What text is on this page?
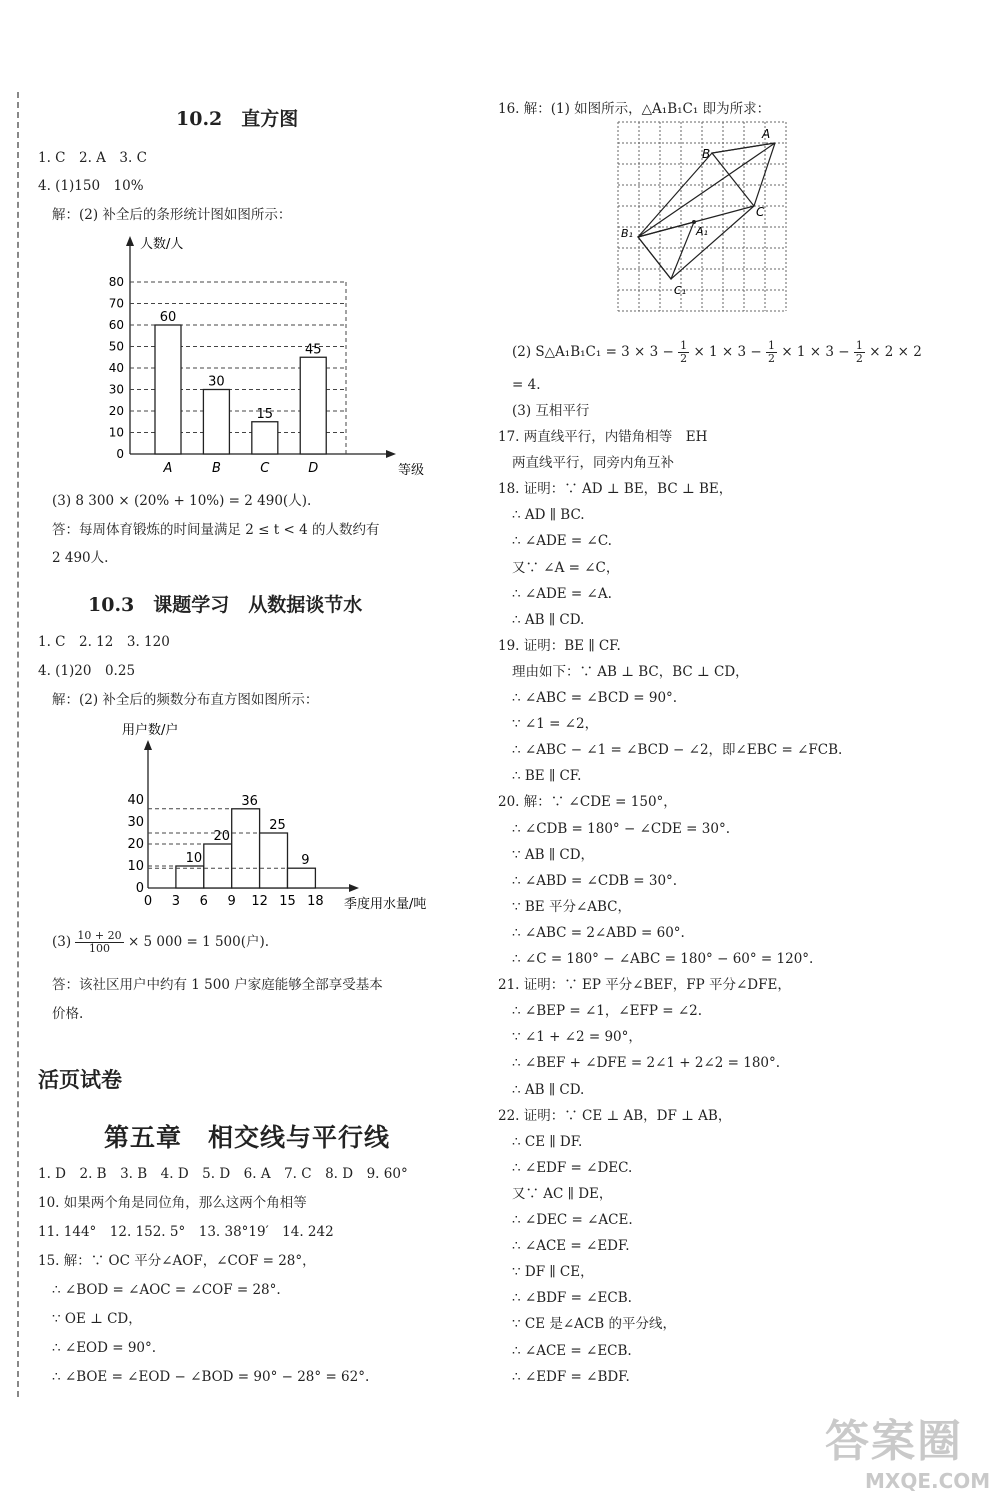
10.2　直方图
1. C　2. A　3. C
4. (1)150　10%
解：(2) 补全后的条形统计图如图所示：
人数/人
等级
0
10
20
30
40
50
60
70
80
60
A
30
B
15
C
45
D
(3) 8 300 × (20% + 10%) = 2 490(人).
答：每周体育锻炼的时间量满足 2 ≤ t < 4 的人数约有
2 490人.
10.3　课题学习　从数据谈节水
1. C　2. 12　3. 120
4. (1)20　0.25
解：(2) 补全后的频数分布直方图如图所示：
用户数/户
季度用水量/吨
0
10
20
30
40
0 3 6 9 12 15 18
10
20
36
25
9
$(3) \frac{10 + 20}{100} \times 5$ 000 = 1 500(户).
答：该社区用户中约有 1 500 户家庭能够全部享受基本
价格.
活页试卷
第五章　相交线与平行线
1. D　2. B　3. B　4. D　5. D　6. A　7. C　8. D　9. 60°
10. 如果两个角是同位角，那么这两个角相等
11. 144°　12. 152. 5°　13. 38°19′　14. 242
15. 解：∵ OC 平分∠AOF，∠COF = 28°，
∴ ∠BOD = ∠AOC = ∠COF = 28°.
∵ OE ⊥ CD，
∴ ∠EOD = 90°.
∴ ∠BOE = ∠EOD − ∠BOD = 90° − 28° = 62°.
16. 解：(1) 如图所示，△A₁B₁C₁ 即为所求：
A
B
C
A₁
B₁
C₁
(2) S△A₁B₁C₁ = $3 \times 3 - \frac{1}{2} \times 1 \times 3 - \frac{1}{2} \times 1 \times 3 - \frac{1}{2} \times 2 \times 2$
= 4.
(3) 互相平行
17. 两直线平行，内错角相等　EH
两直线平行，同旁内角互补
18. 证明：∵ AD ⊥ BE，BC ⊥ BE，
∴ AD ∥ BC.
∴ ∠ADE = ∠C.
又∵ ∠A = ∠C，
∴ ∠ADE = ∠A.
∴ AB ∥ CD.
19. 证明：BE ∥ CF.
理由如下：∵ AB ⊥ BC，BC ⊥ CD，
∴ ∠ABC = ∠BCD = 90°.
∵ ∠1 = ∠2，
∴ ∠ABC − ∠1 = ∠BCD − ∠2，即∠EBC = ∠FCB.
∴ BE ∥ CF.
20. 解：∵ ∠CDE = 150°，
∴ ∠CDB = 180° − ∠CDE = 30°.
∵ AB ∥ CD，
∴ ∠ABD = ∠CDB = 30°.
∵ BE 平分∠ABC，
∴ ∠ABC = 2∠ABD = 60°.
∴ ∠C = 180° − ∠ABC = 180° − 60° = 120°.
21. 证明：∵ EP 平分∠BEF，FP 平分∠DFE，
∴ ∠BEP = ∠1，∠EFP = ∠2.
∵ ∠1 + ∠2 = 90°，
∴ ∠BEF + ∠DFE = 2∠1 + 2∠2 = 180°.
∴ AB ∥ CD.
22. 证明：∵ CE ⊥ AB，DF ⊥ AB，
∴ CE ∥ DF.
∴ ∠EDF = ∠DEC.
又∵ AC ∥ DE，
∴ ∠DEC = ∠ACE.
∴ ∠ACE = ∠EDF.
∵ DF ∥ CE，
∴ ∠BDF = ∠ECB.
∵ CE 是∠ACB 的平分线，
∴ ∠ACE = ∠ECB.
∴ ∠EDF = ∠BDF.
答案圈
MXQE.COM
